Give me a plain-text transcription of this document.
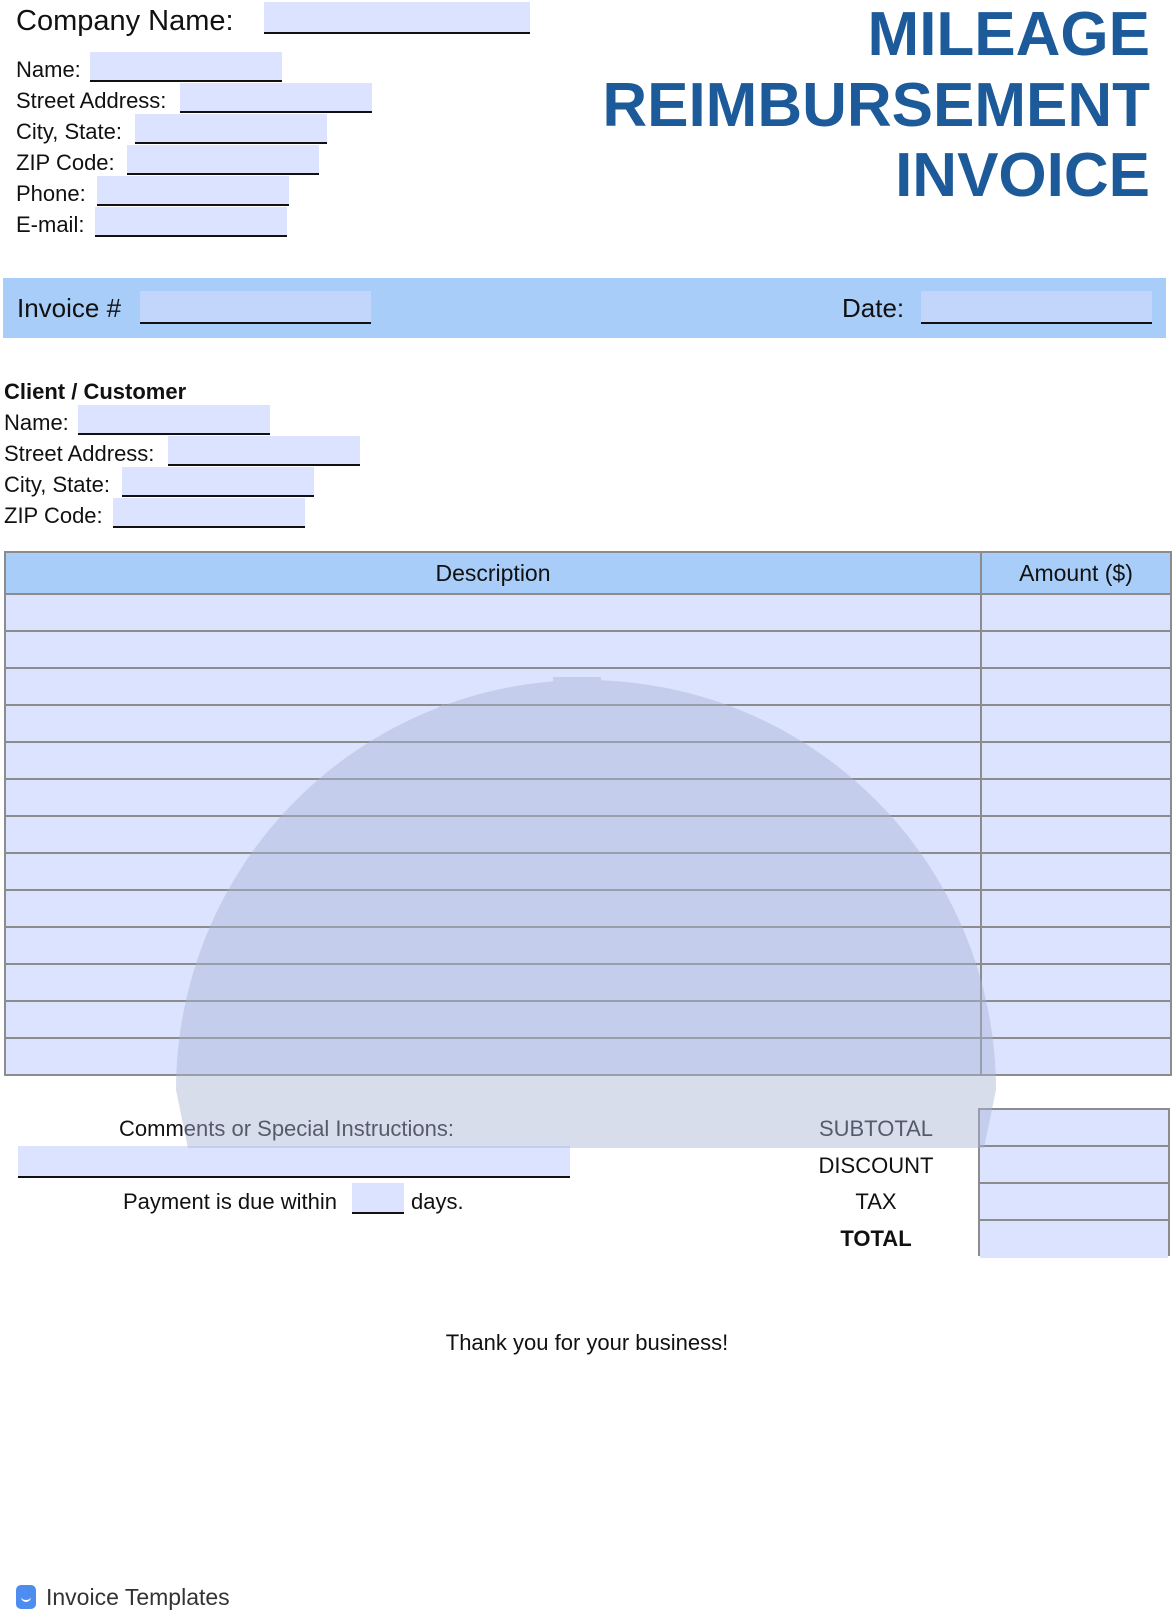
Company Name:
Name:
Street Address:
City, State:
ZIP Code:
Phone:
E-mail:
MILEAGE
REIMBURSEMENT
INVOICE
Invoice #	Date:
Client / Customer
Name:
Street Address:
City, State:
ZIP Code:
Description	Amount ($)

Comments or Special Instructions:
Payment is due within	days.
SUBTOTAL
DISCOUNT
TAX
TOTAL
Thank you for your business!
Invoice Templates
